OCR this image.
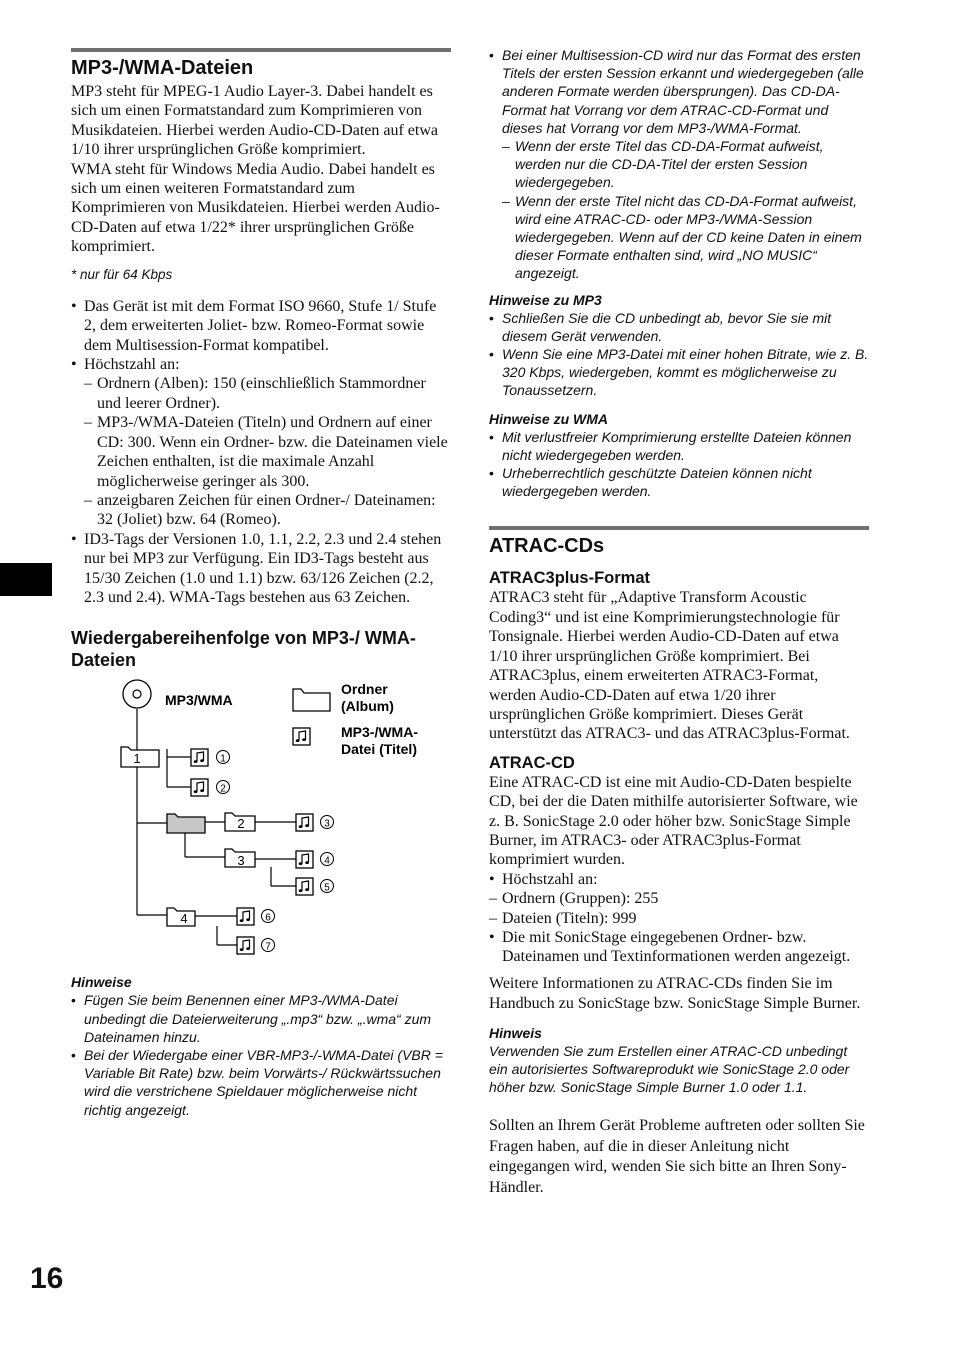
16
MP3-/WMA-Dateien

MP3 steht für MPEG-1 Audio Layer-3. Dabei handelt es sich um einen Formatstandard zum Komprimieren von Musikdateien. Hierbei werden Audio-CD-Daten auf etwa 1/10 ihrer ursprünglichen Größe komprimiert.

WMA steht für Windows Media Audio. Dabei handelt es sich um einen weiteren Formatstandard zum Komprimieren von Musikdateien. Hierbei werden Audio-CD-Daten auf etwa 1/22* ihrer ursprünglichen Größe komprimiert.

* nur für 64 Kbps
• Das Gerät ist mit dem Format ISO 9660, Stufe 1/ Stufe 2, dem erweiterten Joliet- bzw. Romeo-Format sowie dem Multisession-Format kompatibel.
• Höchstzahl an:
– Ordnern (Alben): 150 (einschließlich Stammordner und leerer Ordner).
– MP3-/WMA-Dateien (Titeln) und Ordnern auf einer CD: 300. Wenn ein Ordner- bzw. die Dateinamen viele Zeichen enthalten, ist die maximale Anzahl möglicherweise geringer als 300.
– anzeigbaren Zeichen für einen Ordner-/ Dateinamen: 32 (Joliet) bzw. 64 (Romeo).
• ID3-Tags der Versionen 1.0, 1.1, 2.2, 2.3 und 2.4 stehen nur bei MP3 zur Verfügung. Ein ID3-Tags besteht aus 15/30 Zeichen (1.0 und 1.1) bzw. 63/126 Zeichen (2.2, 2.3 und 2.4). WMA-Tags bestehen aus 63 Zeichen.
Wiedergabereihenfolge von MP3-/ WMA-Dateien
MP3/WMA
1	1
2
2	3
3	4
5
4	6
7
Ordner
(Album)
MP3-/WMA-
Datei (Titel)
Hinweise
• Fügen Sie beim Benennen einer MP3-/WMA-Datei unbedingt die Dateierweiterung „.mp3“ bzw. „.wma“ zum Dateinamen hinzu.
• Bei der Wiedergabe einer VBR-MP3-/-WMA-Datei (VBR = Variable Bit Rate) bzw. beim Vorwärts-/ Rückwärtssuchen wird die verstrichene Spieldauer möglicherweise nicht richtig angezeigt.
• Bei einer Multisession-CD wird nur das Format des ersten Titels der ersten Session erkannt und wiedergegeben (alle anderen Formate werden übersprungen). Das CD-DA-Format hat Vorrang vor dem ATRAC-CD-Format und dieses hat Vorrang vor dem MP3-/WMA-Format.
– Wenn der erste Titel das CD-DA-Format aufweist, werden nur die CD-DA-Titel der ersten Session wiedergegeben.
– Wenn der erste Titel nicht das CD-DA-Format aufweist, wird eine ATRAC-CD- oder MP3-/WMA-Session wiedergegeben. Wenn auf der CD keine Daten in einem dieser Formate enthalten sind, wird „NO MUSIC“ angezeigt.
Hinweise zu MP3
• Schließen Sie die CD unbedingt ab, bevor Sie sie mit diesem Gerät verwenden.
• Wenn Sie eine MP3-Datei mit einer hohen Bitrate, wie z. B. 320 Kbps, wiedergeben, kommt es möglicherweise zu Tonaussetzern.
Hinweise zu WMA
• Mit verlustfreier Komprimierung erstellte Dateien können nicht wiedergegeben werden.
• Urheberrechtlich geschützte Dateien können nicht wiedergegeben werden.
ATRAC-CDs
ATRAC3plus-Format

ATRAC3 steht für „Adaptive Transform Acoustic Coding3“ und ist eine Komprimierungstechnologie für Tonsignale. Hierbei werden Audio-CD-Daten auf etwa 1/10 ihrer ursprünglichen Größe komprimiert. Bei ATRAC3plus, einem erweiterten ATRAC3-Format, werden Audio-CD-Daten auf etwa 1/20 ihrer ursprünglichen Größe komprimiert. Dieses Gerät unterstützt das ATRAC3- und das ATRAC3plus-Format.

ATRAC-CD

Eine ATRAC-CD ist eine mit Audio-CD-Daten bespielte CD, bei der die Daten mithilfe autorisierter Software, wie z. B. SonicStage 2.0 oder höher bzw. SonicStage Simple Burner, im ATRAC3- oder ATRAC3plus-Format komprimiert wurden.

• Höchstzahl an:
– Ordnern (Gruppen): 255
– Dateien (Titeln): 999
• Die mit SonicStage eingegebenen Ordner- bzw. Dateinamen und Textinformationen werden angezeigt.

Weitere Informationen zu ATRAC-CDs finden Sie im Handbuch zu SonicStage bzw. SonicStage Simple Burner.

Hinweis

Verwenden Sie zum Erstellen einer ATRAC-CD unbedingt ein autorisiertes Softwareprodukt wie SonicStage 2.0 oder höher bzw. SonicStage Simple Burner 1.0 oder 1.1.

Sollten an Ihrem Gerät Probleme auftreten oder sollten Sie Fragen haben, auf die in dieser Anleitung nicht eingegangen wird, wenden Sie sich bitte an Ihren Sony-Händler.
